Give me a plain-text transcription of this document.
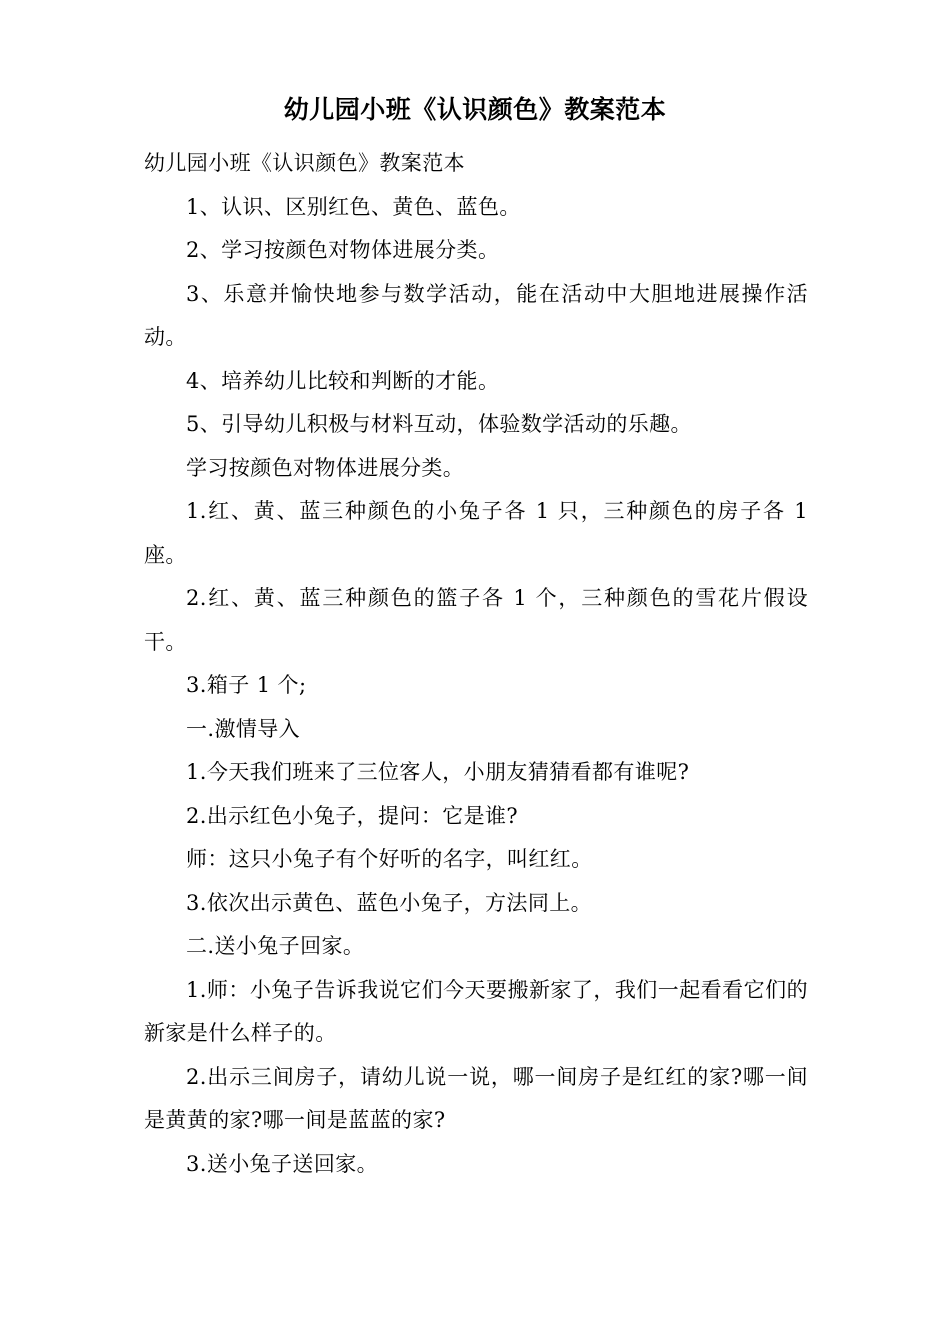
幼儿园小班《认识颜色》教案范本

幼儿园小班《认识颜色》教案范本

1、认识、区别红色、黄色、蓝色。

2、学习按颜色对物体进展分类。

3、乐意并愉快地参与数学活动，能在活动中大胆地进展操作活动。

4、培养幼儿比较和判断的才能。

5、引导幼儿积极与材料互动，体验数学活动的乐趣。

学习按颜色对物体进展分类。

1.红、黄、蓝三种颜色的小兔子各 1 只，三种颜色的房子各 1 座。

2.红、黄、蓝三种颜色的篮子各 1 个，三种颜色的雪花片假设干。

3.箱子 1 个;

一.激情导入

1.今天我们班来了三位客人，小朋友猜猜看都有谁呢?

2.出示红色小兔子，提问：它是谁?

师：这只小兔子有个好听的名字，叫红红。

3.依次出示黄色、蓝色小兔子，方法同上。

二.送小兔子回家。

1.师：小兔子告诉我说它们今天要搬新家了，我们一起看看它们的新家是什么样子的。

2.出示三间房子，请幼儿说一说，哪一间房子是红红的家?哪一间是黄黄的家?哪一间是蓝蓝的家?

3.送小兔子送回家。
